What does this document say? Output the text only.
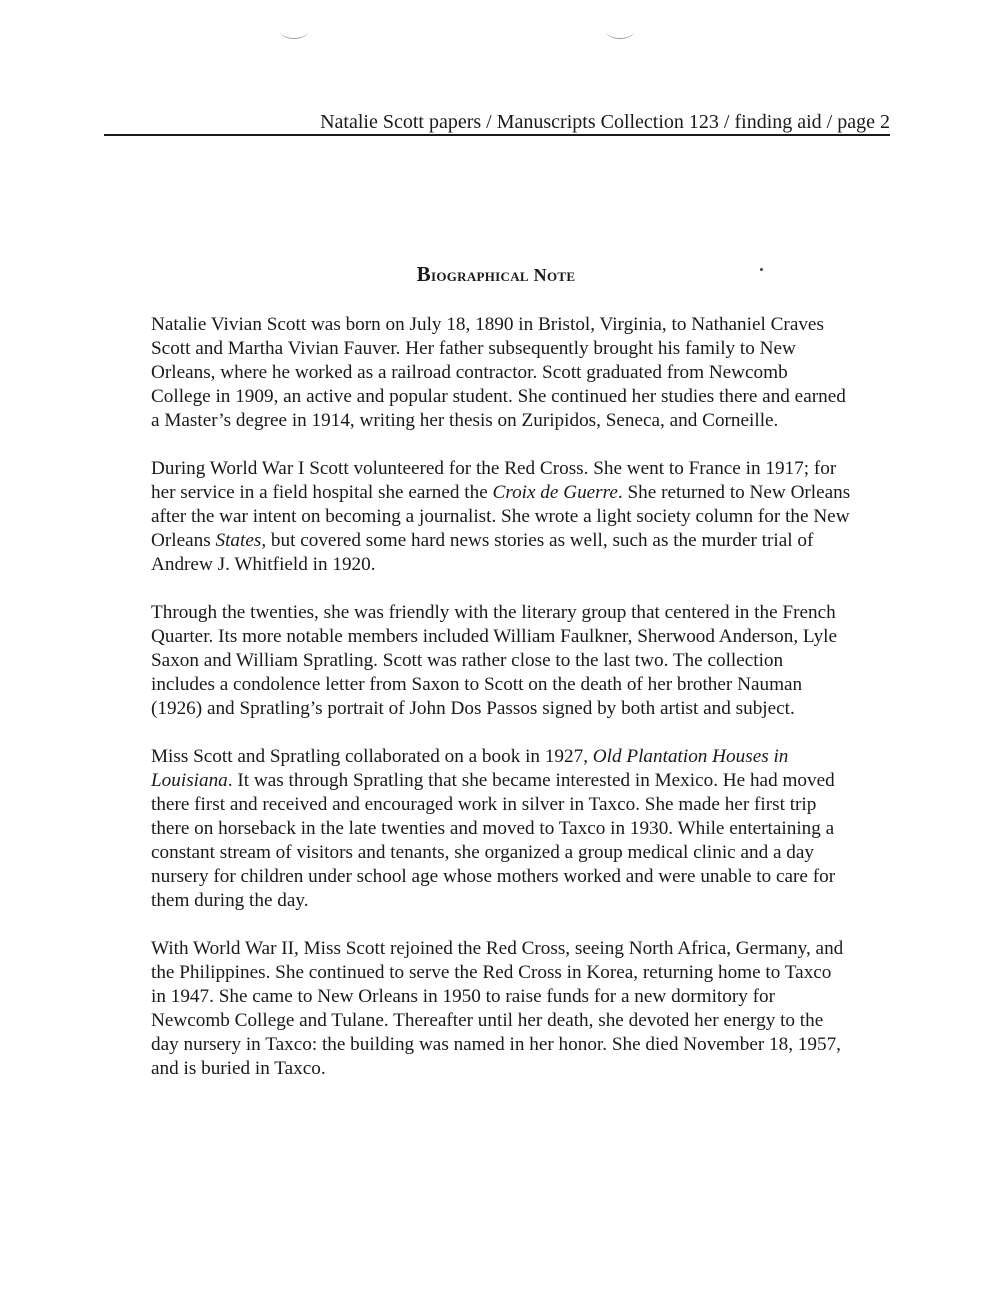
Natalie Scott papers / Manuscripts Collection 123 / finding aid / page 2
Biographical Note

Natalie Vivian Scott was born on July 18, 1890 in Bristol, Virginia, to Nathaniel Craves Scott and Martha Vivian Fauver. Her father subsequently brought his family to New Orleans, where he worked as a railroad contractor. Scott graduated from Newcomb College in 1909, an active and popular student. She continued her studies there and earned a Master’s degree in 1914, writing her thesis on Zuripidos, Seneca, and Corneille.

During World War I Scott volunteered for the Red Cross. She went to France in 1917; for her service in a field hospital she earned the Croix de Guerre. She returned to New Orleans after the war intent on becoming a journalist. She wrote a light society column for the New Orleans States, but covered some hard news stories as well, such as the murder trial of Andrew J. Whitfield in 1920.

Through the twenties, she was friendly with the literary group that centered in the French Quarter. Its more notable members included William Faulkner, Sherwood Anderson, Lyle Saxon and William Spratling. Scott was rather close to the last two. The collection includes a condolence letter from Saxon to Scott on the death of her brother Nauman (1926) and Spratling’s portrait of John Dos Passos signed by both artist and subject.

Miss Scott and Spratling collaborated on a book in 1927, Old Plantation Houses in Louisiana. It was through Spratling that she became interested in Mexico. He had moved there first and received and encouraged work in silver in Taxco. She made her first trip there on horseback in the late twenties and moved to Taxco in 1930. While entertaining a constant stream of visitors and tenants, she organized a group medical clinic and a day nursery for children under school age whose mothers worked and were unable to care for them during the day.

With World War II, Miss Scott rejoined the Red Cross, seeing North Africa, Germany, and the Philippines. She continued to serve the Red Cross in Korea, returning home to Taxco in 1947. She came to New Orleans in 1950 to raise funds for a new dormitory for Newcomb College and Tulane. Thereafter until her death, she devoted her energy to the day nursery in Taxco: the building was named in her honor. She died November 18, 1957, and is buried in Taxco.
